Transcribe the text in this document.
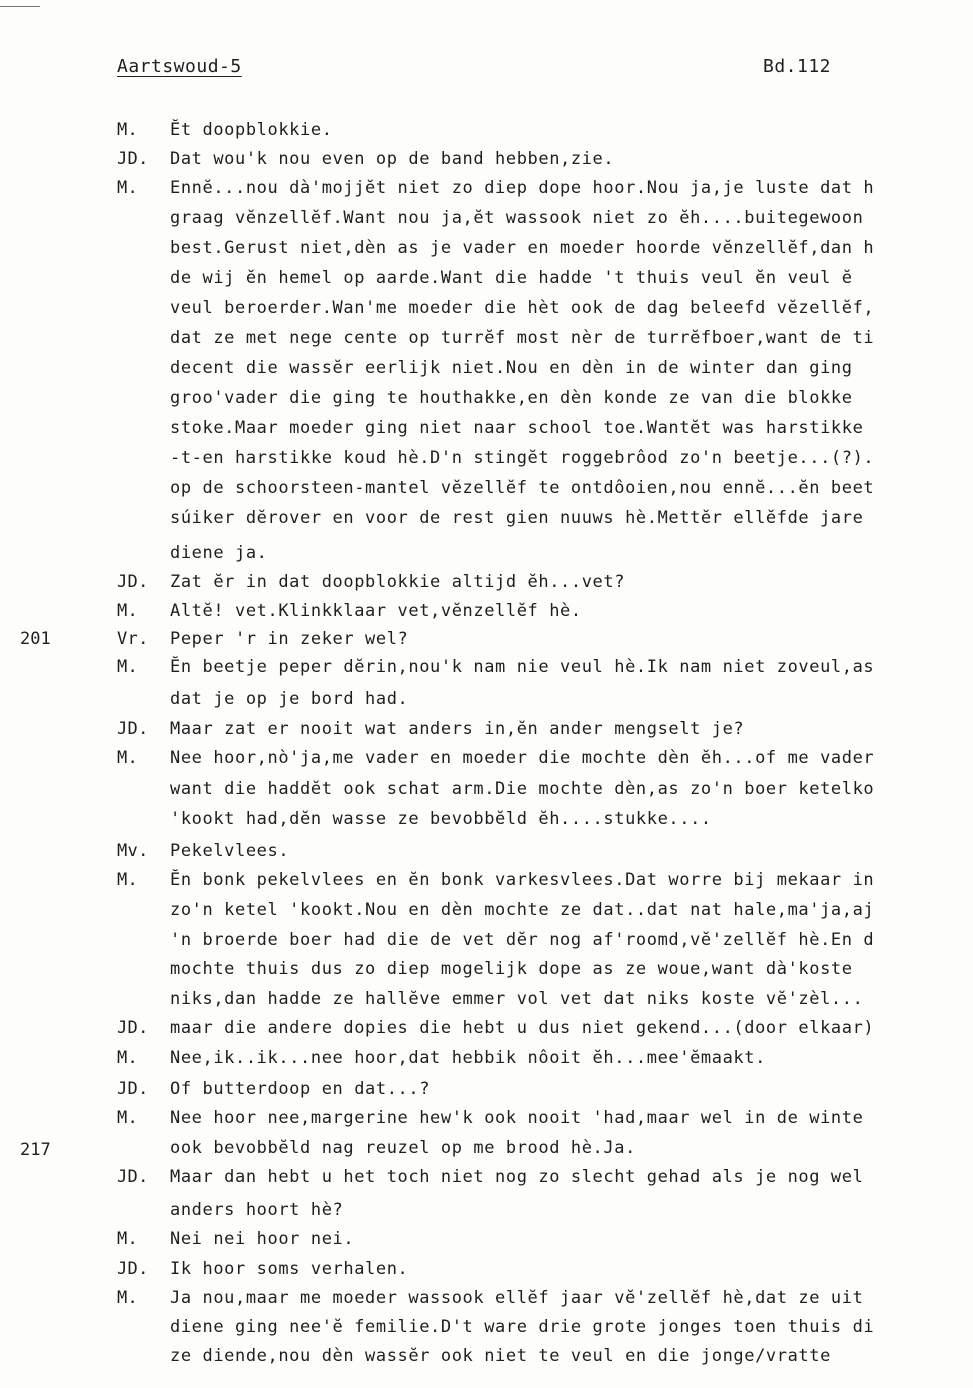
Aartswoud-5	Bd.112
201
217
M. Ĕt doopblokkie.
JD. Dat wou'k nou even op de band hebben,zie.
M. Ennĕ...nou dà'mojjĕt niet zo diep dope hoor.Nou ja,je luste dat h
graag vĕnzellĕf.Want nou ja,ĕt wassook niet zo ĕh....buitegewoon
best.Gerust niet,dèn as je vader en moeder hoorde vĕnzellĕf,dan h
de wij ĕn hemel op aarde.Want die hadde 't thuis veul ĕn veul ĕ
veul beroerder.Wan'me moeder die hèt ook de dag beleefd vĕzellĕf,
dat ze met nege cente op turrĕf most nèr de turrĕfboer,want de ti
decent die wassĕr eerlijk niet.Nou en dèn in de winter dan ging
groo'vader die ging te houthakke,en dèn konde ze van die blokke
stoke.Maar moeder ging niet naar school toe.Wantĕt was harstikke
-t-en harstikke koud hè.D'n stingĕt roggebrôod zo'n beetje...(?).
op de schoorsteen-mantel vĕzellĕf te ontdôoien,nou ennĕ...ĕn beet
súiker dĕrover en voor de rest gien nuuws hè.Mettĕr ellĕfde jare
diene ja.
JD. Zat ĕr in dat doopblokkie altijd ĕh...vet?
M. Altĕ! vet.Klinkklaar vet,vĕnzellĕf hè.
Vr. Peper 'r in zeker wel?
M. Ĕn beetje peper dĕrin,nou'k nam nie veul hè.Ik nam niet zoveul,as
dat je op je bord had.
JD. Maar zat er nooit wat anders in,ĕn ander mengselt je?
M. Nee hoor,nò'ja,me vader en moeder die mochte dèn ĕh...of me vader
want die haddĕt ook schat arm.Die mochte dèn,as zo'n boer ketelko
'kookt had,dĕn wasse ze bevobbĕld ĕh....stukke....
Mv. Pekelvlees.
M. Ĕn bonk pekelvlees en ĕn bonk varkesvlees.Dat worre bij mekaar in
zo'n ketel 'kookt.Nou en dèn mochte ze dat..dat nat hale,ma'ja,aj
'n broerde boer had die de vet dĕr nog af'roomd,vĕ'zellĕf hè.En d
mochte thuis dus zo diep mogelijk dope as ze woue,want dà'koste
niks,dan hadde ze hallĕve emmer vol vet dat niks koste vĕ'zèl...
JD. maar die andere dopies die hebt u dus niet gekend...(door elkaar)
M. Nee,ik..ik...nee hoor,dat hebbik nôoit ĕh...mee'ĕmaakt.
JD. Of butterdoop en dat...?
M. Nee hoor nee,margerine hew'k ook nooit 'had,maar wel in de winte
ook bevobbĕld nag reuzel op me brood hè.Ja.
JD. Maar dan hebt u het toch niet nog zo slecht gehad als je nog wel
anders hoort hè?
M. Nei nei hoor nei.
JD. Ik hoor soms verhalen.
M. Ja nou,maar me moeder wassook ellĕf jaar vĕ'zellĕf hè,dat ze uit
diene ging nee'ĕ femilie.D't ware drie grote jonges toen thuis di
ze diende,nou dèn wassĕr ook niet te veul en die jonge/vratte
